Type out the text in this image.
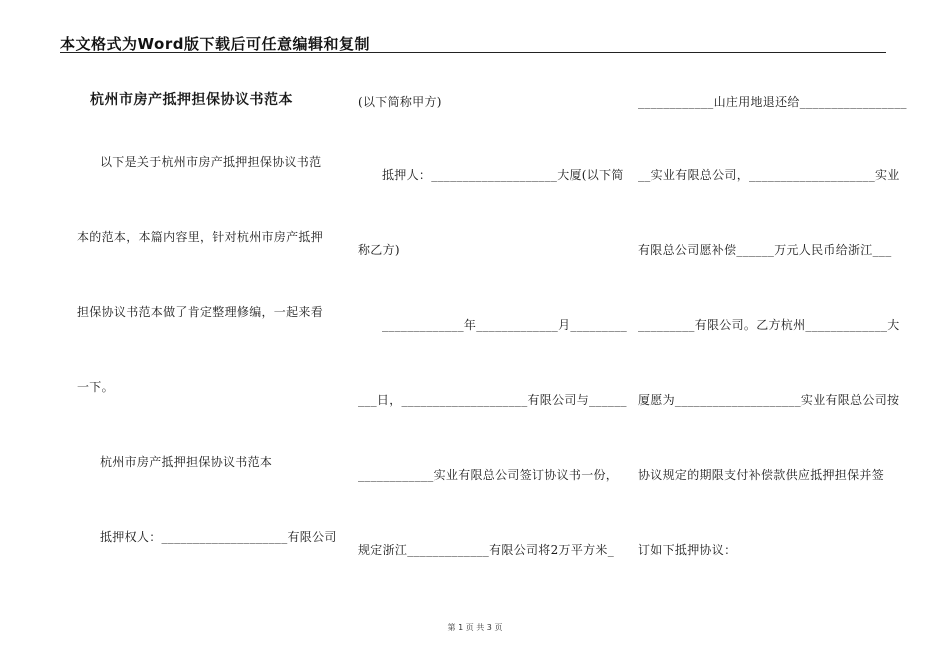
本文格式为Word版下载后可任意编辑和复制
杭州市房产抵押担保协议书范本
以下是关于杭州市房产抵押担保协议书范
本的范本，本篇内容里，针对杭州市房产抵押
担保协议书范本做了肯定整理修编，一起来看
一下。
杭州市房产抵押担保协议书范本
抵押权人：____________________有限公司
(以下简称甲方)
抵押人：____________________大厦(以下简
称乙方)
_____________年_____________月_________
___日，____________________有限公司与______
____________实业有限总公司签订协议书一份，
规定浙江_____________有限公司将2万平方米_
____________山庄用地退还给_________________
__实业有限总公司，____________________实业
有限总公司愿补偿______万元人民币给浙江___
_________有限公司。乙方杭州_____________大
厦愿为____________________实业有限总公司按
协议规定的期限支付补偿款供应抵押担保并签
订如下抵押协议：
第 1 页 共 3 页
